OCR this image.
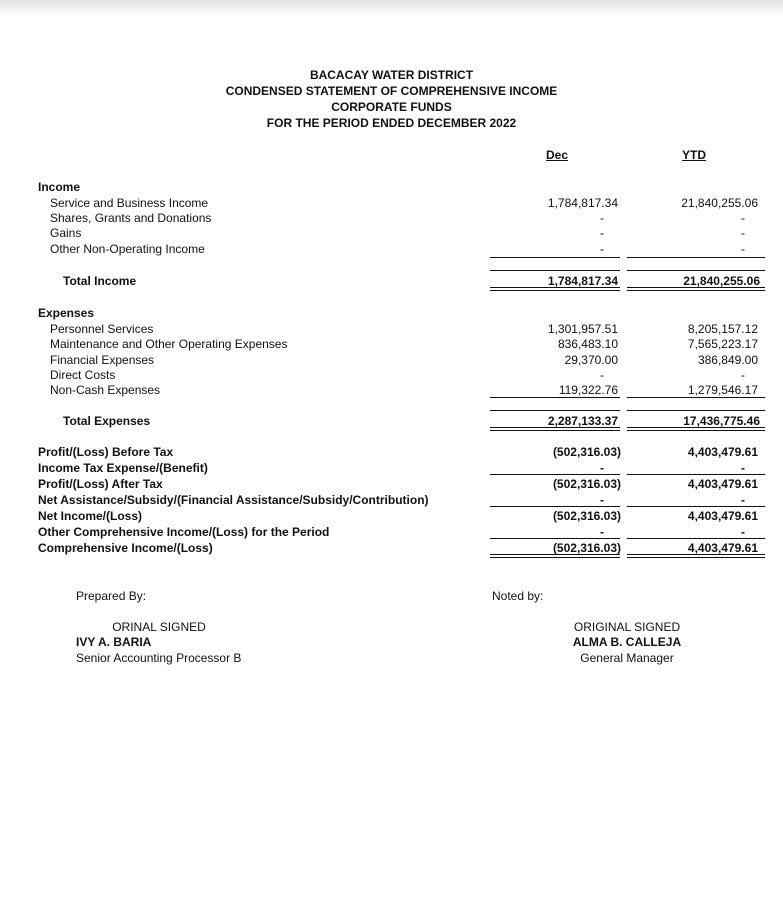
BACACAY WATER DISTRICT
CONDENSED STATEMENT OF COMPREHENSIVE INCOME
CORPORATE FUNDS
FOR THE PERIOD ENDED DECEMBER 2022
Dec	YTD
Income
Service and Business Income	1,784,817.34	21,840,255.06
Shares, Grants and Donations	-	-
Gains	-	-
Other Non-Operating Income	-	-
Total Income	1,784,817.34	21,840,255.06
Expenses
Personnel Services	1,301,957.51	8,205,157.12
Maintenance and Other Operating Expenses	836,483.10	7,565,223.17
Financial Expenses	29,370.00	386,849.00
Direct Costs	-	-
Non-Cash Expenses	119,322.76	1,279,546.17
Total Expenses	2,287,133.37	17,436,775.46
Profit/(Loss) Before Tax	(502,316.03)	4,403,479.61
Income Tax Expense/(Benefit)	-	-
Profit/(Loss) After Tax	(502,316.03)	4,403,479.61
Net Assistance/Subsidy/(Financial Assistance/Subsidy/Contribution)	-	-
Net Income/(Loss)	(502,316.03)	4,403,479.61
Other Comprehensive Income/(Loss) for the Period	-	-
Comprehensive Income/(Loss)	(502,316.03)	4,403,479.61
Prepared By:
ORINAL SIGNED
IVY A. BARIA
Senior Accounting Processor B
Noted by:
ORIGINAL SIGNED
ALMA B. CALLEJA
General Manager
